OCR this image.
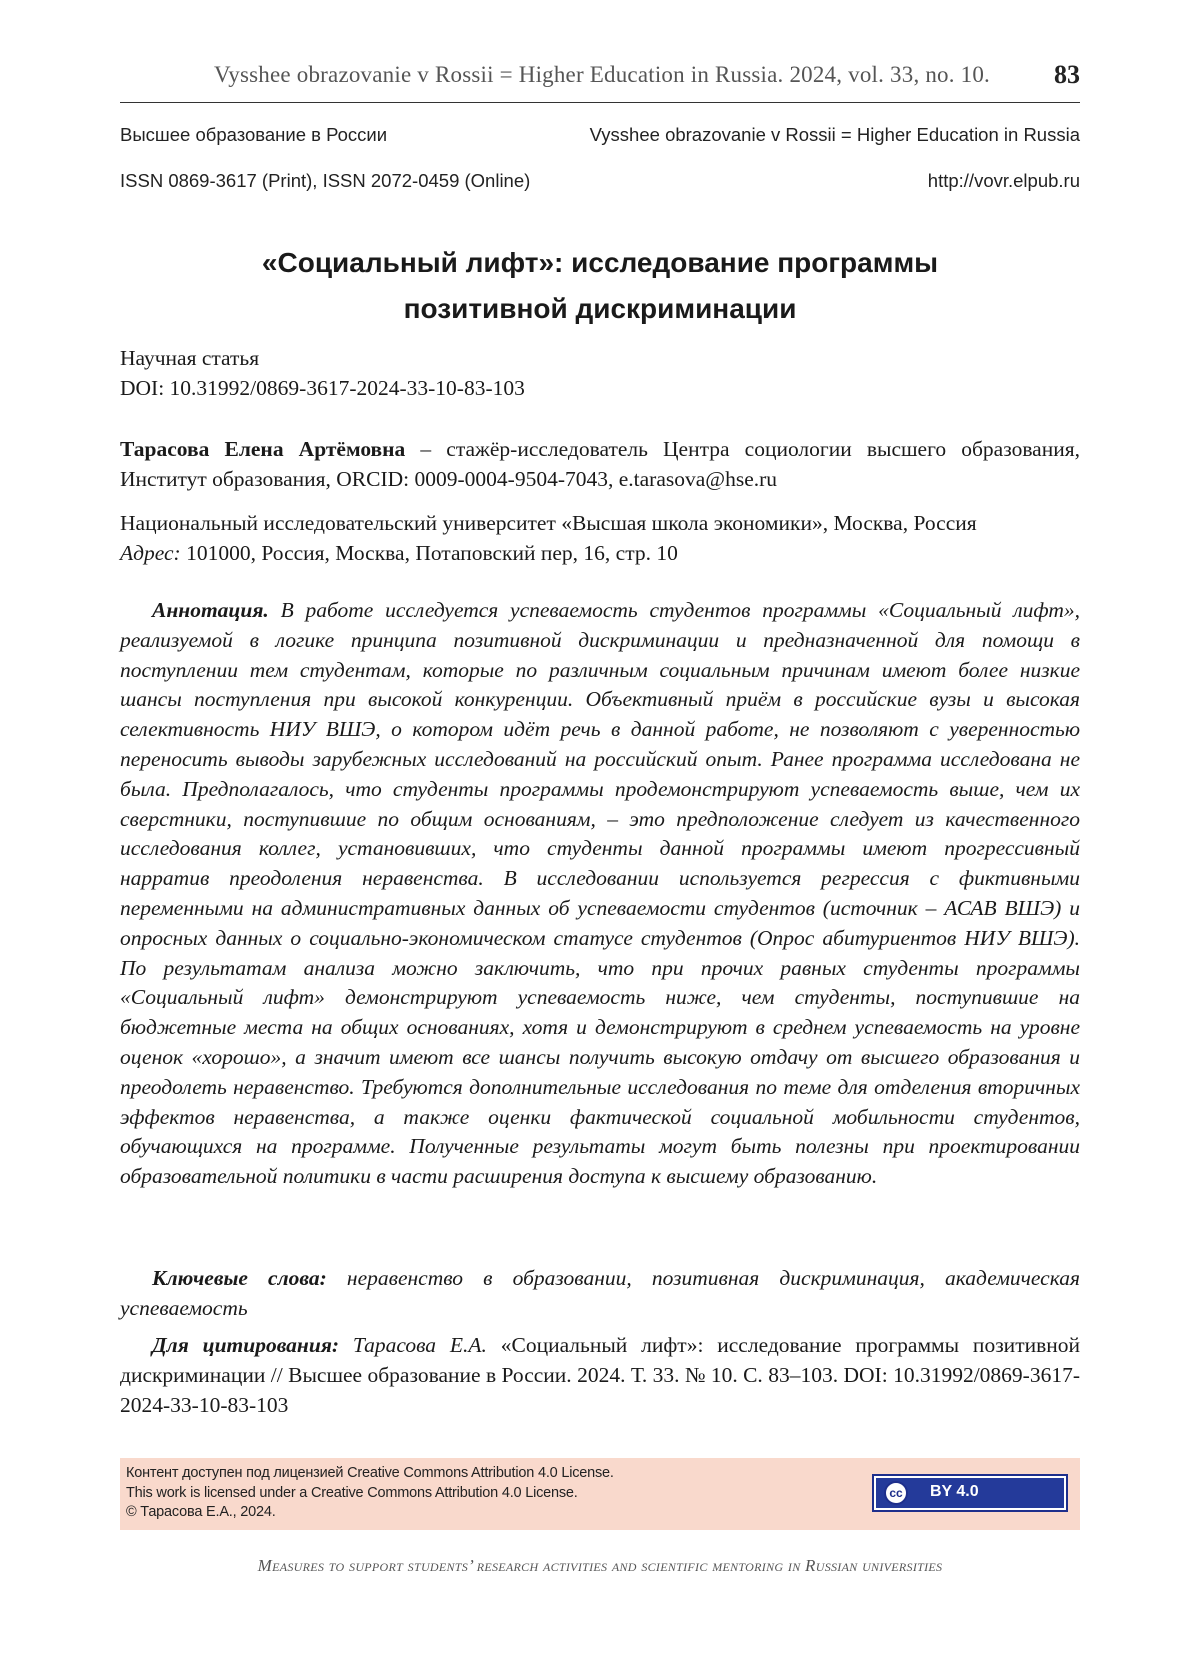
Vysshee obrazovanie v Rossii = Higher Education in Russia. 2024, vol. 33, no. 10. 83
Высшее образование в России	Vysshee obrazovanie v Rossii = Higher Education in Russia
ISSN 0869-3617 (Print), ISSN 2072-0459 (Online)	http://vovr.elpub.ru
«Социальный лифт»: исследование программы
позитивной дискриминации
Научная статья
DOI: 10.31992/0869-3617-2024-33-10-83-103
Тарасова Елена Артёмовна – стажёр-исследователь Центра социологии высшего образования, Институт образования, ORCID: 0009-0004-9504-7043, e.tarasova@hse.ru
Национальный исследовательский университет «Высшая школа экономики», Москва, Россия
Адрес: 101000, Россия, Москва, Потаповский пер, 16, стр. 10
Аннотация. В работе исследуется успеваемость студентов программы «Социальный лифт», реализуемой в логике принципа позитивной дискриминации и предназначенной для помощи в поступлении тем студентам, которые по различным социальным причинам имеют более низкие шансы поступления при высокой конкуренции. Объективный приём в российские вузы и высокая селективность НИУ ВШЭ, о котором идёт речь в данной работе, не позволяют с уверенностью переносить выводы зарубежных исследований на российский опыт. Ранее программа исследована не была. Предполагалось, что студенты программы продемонстрируют успеваемость выше, чем их сверстники, поступившие по общим основаниям, – это предположение следует из качественного исследования коллег, установивших, что студенты данной программы имеют прогрессивный нарратив преодоления неравенства. В исследовании используется регрессия с фиктивными переменными на административных данных об успеваемости студентов (источник – АСАВ ВШЭ) и опросных данных о социально-экономическом статусе студентов (Опрос абитуриентов НИУ ВШЭ). По результатам анализа можно заключить, что при прочих равных студенты программы «Социальный лифт» демонстрируют успеваемость ниже, чем студенты, поступившие на бюджетные места на общих основаниях, хотя и демонстрируют в среднем успеваемость на уровне оценок «хорошо», а значит имеют все шансы получить высокую отдачу от высшего образования и преодолеть неравенство. Требуются дополнительные исследования по теме для отделения вторичных эффектов неравенства, а также оценки фактической социальной мобильности студентов, обучающихся на программе. Полученные результаты могут быть полезны при проектировании образовательной политики в части расширения доступа к высшему образованию.
Ключевые слова: неравенство в образовании, позитивная дискриминация, академическая успеваемость
Для цитирования: Тарасова Е.А. «Социальный лифт»: исследование программы позитивной дискриминации // Высшее образование в России. 2024. Т. 33. № 10. С. 83–103. DOI: 10.31992/0869-3617-2024-33-10-83-103
Контент доступен под лицензией Creative Commons Attribution 4.0 License.
This work is licensed under a Creative Commons Attribution 4.0 License.
© Тарасова Е.А., 2024.
cc	BY 4.0
Measures to support students’ research activities and scientific mentoring in Russian universities
